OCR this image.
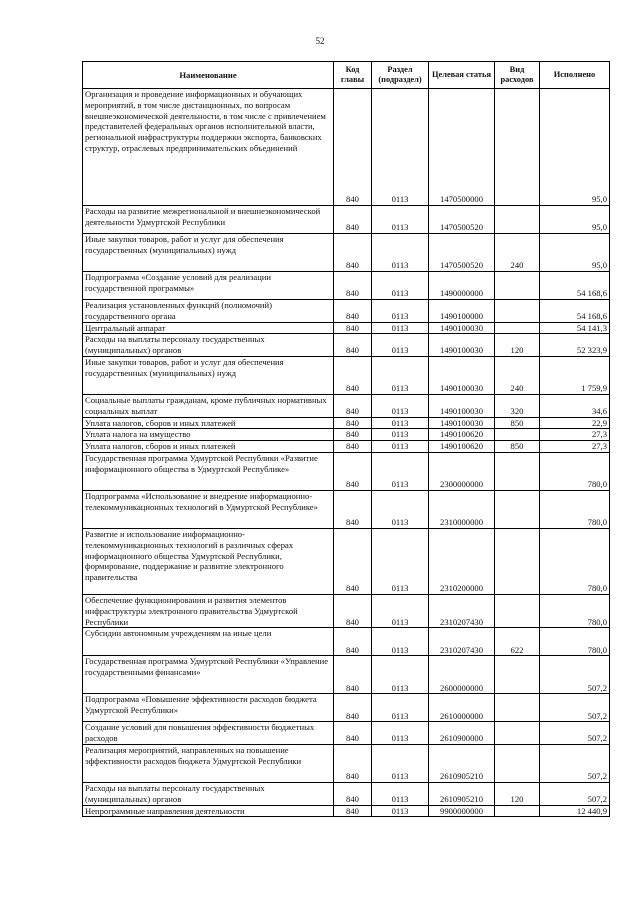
52
Наименование	Код главы	Раздел (подраздел)	Целевая статья	Вид расходов	Исполнено
Организация и проведение информационных и обучающих мероприятий, в том числе дистанционных, по вопросам внешнеэкономической деятельности, в том числе с привлечением представителей федеральных органов исполнительной власти, региональной инфраструктуры поддержки экспорта, банковских структур, отраслевых предпринимательских объединений	840	0113	1470500000		95,0
Расходы на развитие межрегиональной и внешнеэкономической деятельности Удмуртской Республики	840	0113	1470500520		95,0
Иные закупки товаров, работ и услуг для обеспечения государственных (муниципальных) нужд	840	0113	1470500520	240	95,0
Подпрограмма «Создание условий для реализации государственной программы»	840	0113	1490000000		54 168,6
Реализация установленных функций (полномочий) государственного органа	840	0113	1490100000		54 168,6
Центральный аппарат	840	0113	1490100030		54 141,3
Расходы на выплаты персоналу государственных (муниципальных) органов	840	0113	1490100030	120	52 323,9
Иные закупки товаров, работ и услуг для обеспечения государственных (муниципальных) нужд	840	0113	1490100030	240	1 759,9
Социальные выплаты гражданам, кроме публичных нормативных социальных выплат	840	0113	1490100030	320	34,6
Уплата налогов, сборов и иных платежей	840	0113	1490100030	850	22,9
Уплата налога на имущество	840	0113	1490100620		27,3
Уплата налогов, сборов и иных платежей	840	0113	1490100620	850	27,3
Государственная программа Удмуртской Республики «Развитие информационного общества в Удмуртской Республике»	840	0113	2300000000		780,0
Подпрограмма «Использование и внедрение информационно-телекоммуникационных технологий в Удмуртской Республике»	840	0113	2310000000		780,0
Развитие и использование информационно-телекоммуникационных технологий в различных сферах информационного общества Удмуртской Республики, формирование, поддержание и развитие электронного правительства	840	0113	2310200000		780,0
Обеспечение функционирования и развития элементов инфраструктуры электронного правительства Удмуртской Республики	840	0113	2310207430		780,0
Субсидии автономным учреждениям на иные цели	840	0113	2310207430	622	780,0
Государственная программа Удмуртской Республики «Управление государственными финансами»	840	0113	2600000000		507,2
Подпрограмма «Повышение эффективности расходов бюджета Удмуртской Республики»	840	0113	2610000000		507,2
Создание условий для повышения эффективности бюджетных расходов	840	0113	2610900000		507,2
Реализация мероприятий, направленных на повышение эффективности расходов бюджета Удмуртской Республики	840	0113	2610905210		507,2
Расходы на выплаты персоналу государственных (муниципальных) органов	840	0113	2610905210	120	507,2
Непрограммные направления деятельности	840	0113	9900000000		12 440,9
